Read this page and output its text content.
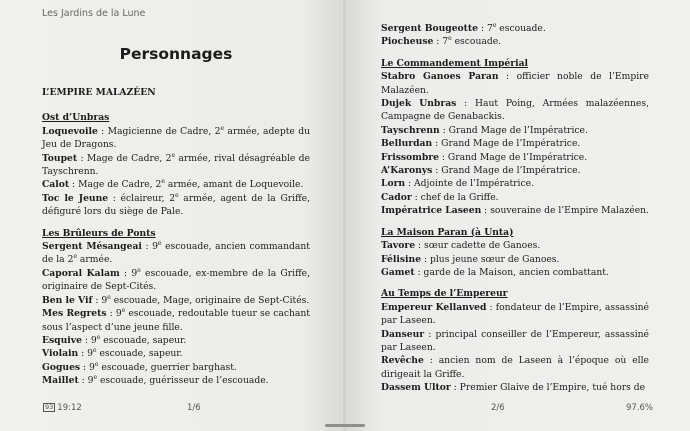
Les Jardins de la Lune
Personnages
L’EMPIRE MALAZÉEN
Ost d’Unbras

Loquevoile : Magicienne de Cadre, 2e armée, adepte du Jeu de Dragons.

Toupet : Mage de Cadre, 2e armée, rival désagréable de Tayschrenn.

Calot : Mage de Cadre, 2e armée, amant de Loquevoile.

Toc le Jeune : éclaireur, 2e armée, agent de la Griffe, défiguré lors du siège de Pale.

Les Brûleurs de Ponts

Sergent Mésangeai : 9e escouade, ancien commandant de la 2e armée.

Caporal Kalam : 9e escouade, ex-membre de la Griffe, originaire de Sept-Cités.

Ben le Vif : 9e escouade, Mage, originaire de Sept-Cités.

Mes Regrets : 9e escouade, redoutable tueur se cachant sous l’aspect d’une jeune fille.

Esquive : 9e escouade, sapeur.

Violain : 9e escouade, sapeur.

Gogues : 9e escouade, guerrier barghast.

Maillet : 9e escouade, guérisseur de l’escouade.

93 19:12	1/6

Sergent Bougeotte : 7e escouade.

Piocheuse : 7e escouade.

Le Commandement Impérial

Stabro Ganoes Paran : officier noble de l’Empire Malazéen.

Dujek Unbras : Haut Poing, Armées malazéennes, Campagne de Genabackis.

Tayschrenn : Grand Mage de l’Impératrice.

Bellurdan : Grand Mage de l’Impératrice.

Frissombre : Grand Mage de l’Impératrice.

A’Karonys : Grand Mage de l’Impératrice.

Lorn : Adjointe de l’Impératrice.

Cador : chef de la Griffe.

Impératrice Laseen : souveraine de l’Empire Malazéen.

La Maison Paran (à Unta)

Tavore : sœur cadette de Ganoes.

Félisine : plus jeune sœur de Ganoes.

Gamet : garde de la Maison, ancien combattant.

Au Temps de l’Empereur

Empereur Kellanved : fondateur de l’Empire, assassiné par Laseen.

Danseur : principal conseiller de l’Empereur, assassiné par Laseen.

Revêche : ancien nom de Laseen à l’époque où elle dirigeait la Griffe.

Dassem Ultor : Premier Glaive de l’Empire, tué hors de

2/6	97.6%
